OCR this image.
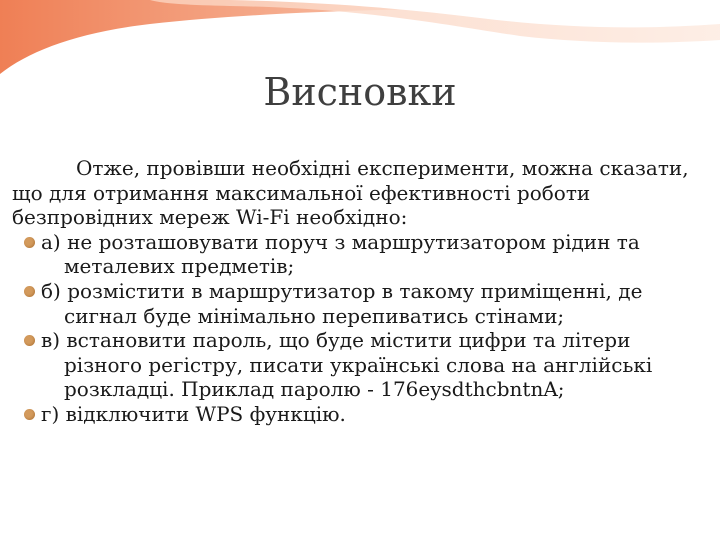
Висновки

Отже, провівши необхідні експерименти, можна сказати, що для отримання максимальної ефективності роботи безпровідних мереж Wi-Fi необхідно:

а) не розташовувати поруч з маршрутизатором рідин та металевих предметів;
б) розмістити в маршрутизатор в такому приміщенні, де сигнал буде мінімально перепиватись стінами;
в) встановити пароль, що буде містити цифри та літери різного регістру, писати українські слова на англійські розкладці. Приклад паролю - 176eysdthcbntnA;
г) відключити WPS функцію.
